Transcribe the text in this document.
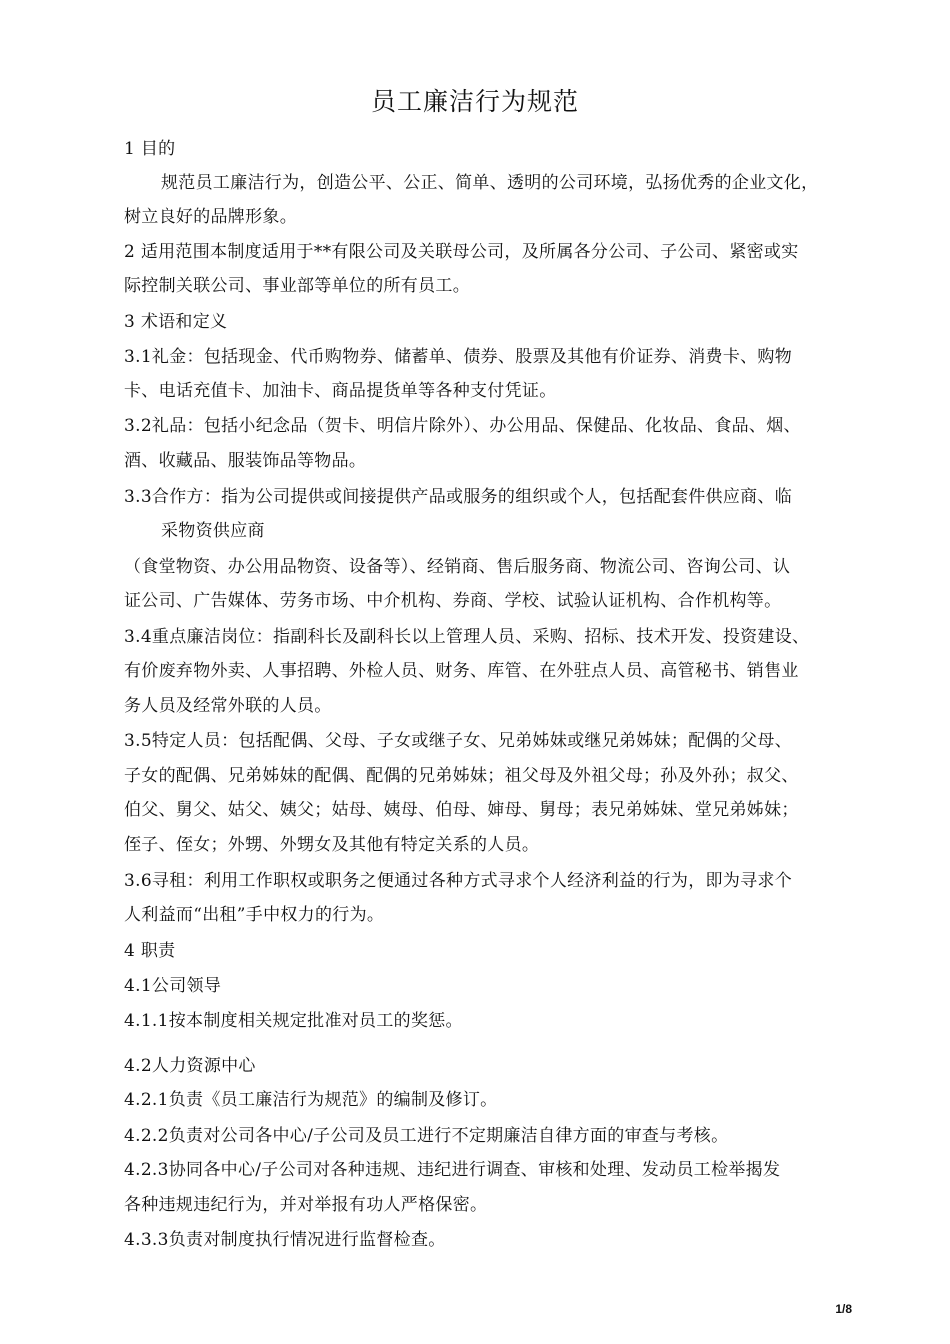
员工廉洁行为规范
1 目的
规范员工廉洁行为，创造公平、公正、简单、透明的公司环境，弘扬优秀的企业文化，
树立良好的品牌形象。
2 适用范围本制度适用于**有限公司及关联母公司，及所属各分公司、子公司、紧密或实
际控制关联公司、事业部等单位的所有员工。
3 术语和定义
3.1礼金：包括现金、代币购物券、储蓄单、债券、股票及其他有价证券、消费卡、购物
卡、电话充值卡、加油卡、商品提货单等各种支付凭证。
3.2礼品：包括小纪念品（贺卡、明信片除外）、办公用品、保健品、化妆品、食品、烟、
酒、收藏品、服装饰品等物品。
3.3合作方：指为公司提供或间接提供产品或服务的组织或个人，包括配套件供应商、临
采物资供应商
（食堂物资、办公用品物资、设备等）、经销商、售后服务商、物流公司、咨询公司、认
证公司、广告媒体、劳务市场、中介机构、券商、学校、试验认证机构、合作机构等。
3.4重点廉洁岗位：指副科长及副科长以上管理人员、采购、招标、技术开发、投资建设、
有价废弃物外卖、人事招聘、外检人员、财务、库管、在外驻点人员、高管秘书、销售业
务人员及经常外联的人员。
3.5特定人员：包括配偶、父母、子女或继子女、兄弟姊妹或继兄弟姊妹；配偶的父母、
子女的配偶、兄弟姊妹的配偶、配偶的兄弟姊妹；祖父母及外祖父母；孙及外孙；叔父、
伯父、舅父、姑父、姨父；姑母、姨母、伯母、婶母、舅母；表兄弟姊妹、堂兄弟姊妹；
侄子、侄女；外甥、外甥女及其他有特定关系的人员。
3.6寻租：利用工作职权或职务之便通过各种方式寻求个人经济利益的行为，即为寻求个
人利益而“出租”手中权力的行为。
4 职责
4.1公司领导
4.1.1按本制度相关规定批准对员工的奖惩。
4.2人力资源中心
4.2.1负责《员工廉洁行为规范》的编制及修订。
4.2.2负责对公司各中心/子公司及员工进行不定期廉洁自律方面的审查与考核。
4.2.3协同各中心/子公司对各种违规、违纪进行调查、审核和处理、发动员工检举揭发
各种违规违纪行为，并对举报有功人严格保密。
4.3.3负责对制度执行情况进行监督检查。
1/8
